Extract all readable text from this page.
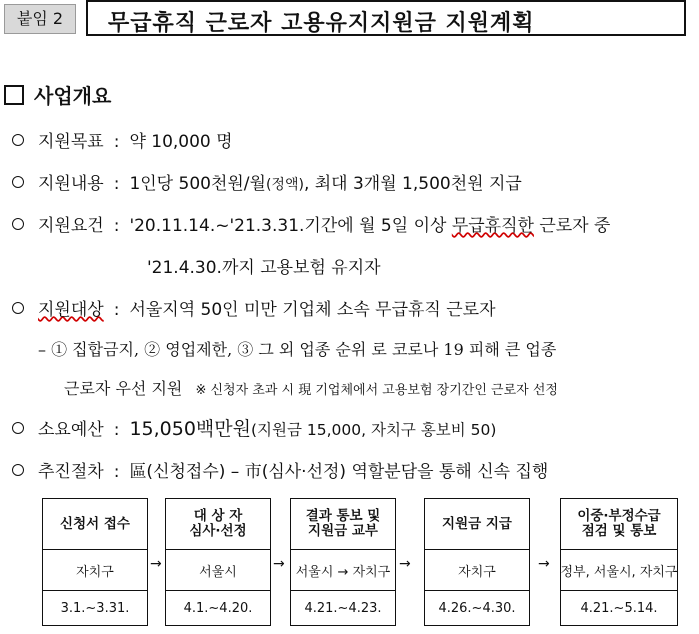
붙임 2	무급휴직 근로자 고용유지지원금 지원계획
사업개요
지원목표 : 약 10,000 명
지원내용 : 1인당 500천원/월(정액), 최대 3개월 1,500천원 지급
지원요건 : '20.11.14.~'21.3.31.기간에 월 5일 이상 무급휴직한 근로자 중
'21.4.30.까지 고용보험 유지자
지원대상 : 서울지역 50인 미만 기업체 소속 무급휴직 근로자
– ① 집합금지, ② 영업제한, ③ 그 외 업종 순위 로 코로나 19 피해 큰 업종
근로자 우선 지원 ※ 신청자 초과 시 現 기업체에서 고용보험 장기간인 근로자 선정
소요예산 : 15,050백만원(지원금 15,000, 자치구 홍보비 50)
추진절차 : 區(신청접수) – 市(심사·선정) 역할분담을 통해 신속 집행
신청서 접수
자치구
3.1.~3.31.
→
대 상 자
심사·선정
서울시
4.1.~4.20.
→
결과 통보 및
지원금 교부
서울시 → 자치구
4.21.~4.23.
→
지원금 지급
자치구
4.26.~4.30.
→
이중·부정수급
점검 및 통보
정부, 서울시, 자치구
4.21.~5.14.
